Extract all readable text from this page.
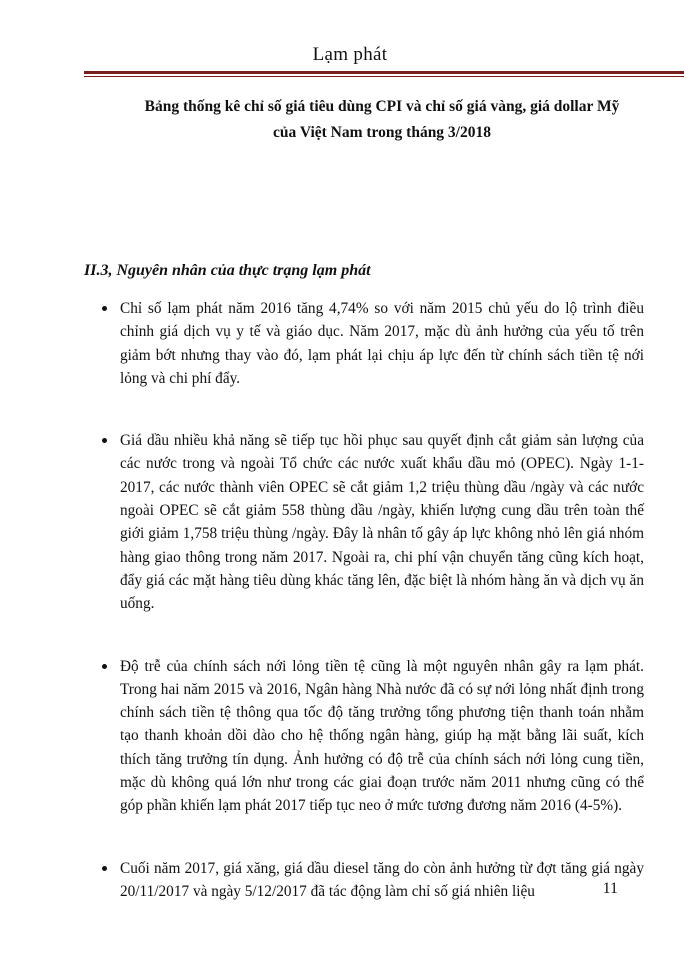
Lạm phát
Bảng thống kê chỉ số giá tiêu dùng CPI và chỉ số giá vàng, giá dollar Mỹ
của Việt Nam trong tháng 3/2018
II.3, Nguyên nhân của thực trạng lạm phát
Chỉ số lạm phát năm 2016 tăng 4,74% so với năm 2015 chủ yếu do lộ trình điều chỉnh giá dịch vụ y tế và giáo dục. Năm 2017, mặc dù ảnh hưởng của yếu tố trên giảm bớt nhưng thay vào đó, lạm phát lại chịu áp lực đến từ chính sách tiền tệ nới lỏng và chi phí đẩy.
Giá dầu nhiều khả năng sẽ tiếp tục hồi phục sau quyết định cắt giảm sản lượng của các nước trong và ngoài Tổ chức các nước xuất khẩu dầu mỏ (OPEC). Ngày 1-1-2017, các nước thành viên OPEC sẽ cắt giảm 1,2 triệu thùng dầu /ngày và các nước ngoài OPEC sẽ cắt giảm 558 thùng dầu /ngày, khiến lượng cung dầu trên toàn thế giới giảm 1,758 triệu thùng /ngày. Đây là nhân tố gây áp lực không nhỏ lên giá nhóm hàng giao thông trong năm 2017. Ngoài ra, chi phí vận chuyển tăng cũng kích hoạt, đẩy giá các mặt hàng tiêu dùng khác tăng lên, đặc biệt là nhóm hàng ăn và dịch vụ ăn uống.
Độ trễ của chính sách nới lỏng tiền tệ cũng là một nguyên nhân gây ra lạm phát. Trong hai năm 2015 và 2016, Ngân hàng Nhà nước đã có sự nới lỏng nhất định trong chính sách tiền tệ thông qua tốc độ tăng trưởng tổng phương tiện thanh toán nhằm tạo thanh khoản dồi dào cho hệ thống ngân hàng, giúp hạ mặt bằng lãi suất, kích thích tăng trưởng tín dụng. Ảnh hưởng có độ trễ của chính sách nới lỏng cung tiền, mặc dù không quá lớn như trong các giai đoạn trước năm 2011 nhưng cũng có thể góp phần khiến lạm phát 2017 tiếp tục neo ở mức tương đương năm 2016 (4-5%).
Cuối năm 2017, giá xăng, giá dầu diesel tăng do còn ảnh hưởng từ đợt tăng giá ngày 20/11/2017 và ngày 5/12/2017 đã tác động làm chỉ số giá nhiên liệu	11
